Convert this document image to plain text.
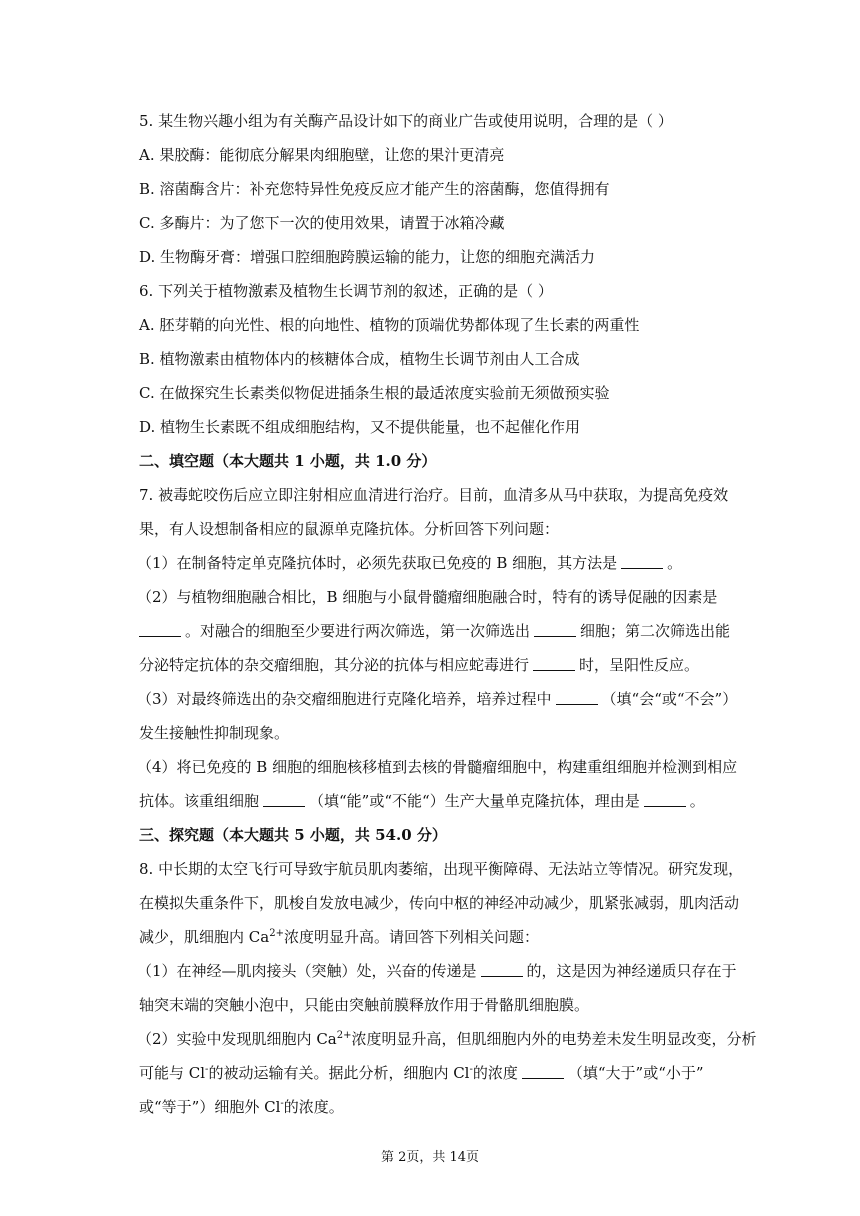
5. 某生物兴趣小组为有关酶产品设计如下的商业广告或使用说明，合理的是（ ）
A. 果胶酶：能彻底分解果肉细胞壁，让您的果汁更清亮
B. 溶菌酶含片：补充您特异性免疫反应才能产生的溶菌酶，您值得拥有
C. 多酶片：为了您下一次的使用效果，请置于冰箱冷藏
D. 生物酶牙膏：增强口腔细胞跨膜运输的能力，让您的细胞充满活力
6. 下列关于植物激素及植物生长调节剂的叙述，正确的是（ ）
A. 胚芽鞘的向光性、根的向地性、植物的顶端优势都体现了生长素的两重性
B. 植物激素由植物体内的核糖体合成，植物生长调节剂由人工合成
C. 在做探究生长素类似物促进插条生根的最适浓度实验前无须做预实验
D. 植物生长素既不组成细胞结构，又不提供能量，也不起催化作用
二、填空题（本大题共 1 小题，共 1.0 分）
7. 被毒蛇咬伤后应立即注射相应血清进行治疗。目前，血清多从马中获取，为提高免疫效
果，有人设想制备相应的鼠源单克隆抗体。分析回答下列问题：
（1）在制备特定单克隆抗体时，必须先获取已免疫的 B 细胞，其方法是	。
（2）与植物细胞融合相比，B 细胞与小鼠骨髓瘤细胞融合时，特有的诱导促融的因素是
。对融合的细胞至少要进行两次筛选，第一次筛选出	细胞；第二次筛选出能
分泌特定抗体的杂交瘤细胞，其分泌的抗体与相应蛇毒进行	时，呈阳性反应。
（3）对最终筛选出的杂交瘤细胞进行克隆化培养，培养过程中	（填“会“或“不会”）
发生接触性抑制现象。
（4）将已免疫的 B 细胞的细胞核移植到去核的骨髓瘤细胞中，构建重组细胞并检测到相应
抗体。该重组细胞	（填“能”或“不能“）生产大量单克隆抗体，理由是	。
三、探究题（本大题共 5 小题，共 54.0 分）
8. 中长期的太空飞行可导致宇航员肌肉萎缩，出现平衡障碍、无法站立等情况。研究发现，
在模拟失重条件下，肌梭自发放电减少，传向中枢的神经冲动减少，肌紧张减弱，肌肉活动
减少，肌细胞内 $Ca^{2+}$浓度明显升高。请回答下列相关问题：
（1）在神经—肌肉接头（突触）处，兴奋的传递是	的，这是因为神经递质只存在于
轴突末端的突触小泡中，只能由突触前膜释放作用于骨骼肌细胞膜。
（2）实验中发现肌细胞内 $Ca^{2+}$浓度明显升高，但肌细胞内外的电势差未发生明显改变，分析
可能与 Cl-的被动运输有关。据此分析，细胞内 Cl-的浓度	（填“大于”或“小于”
或“等于”）细胞外 Cl-的浓度。
第 2页，共 14页
